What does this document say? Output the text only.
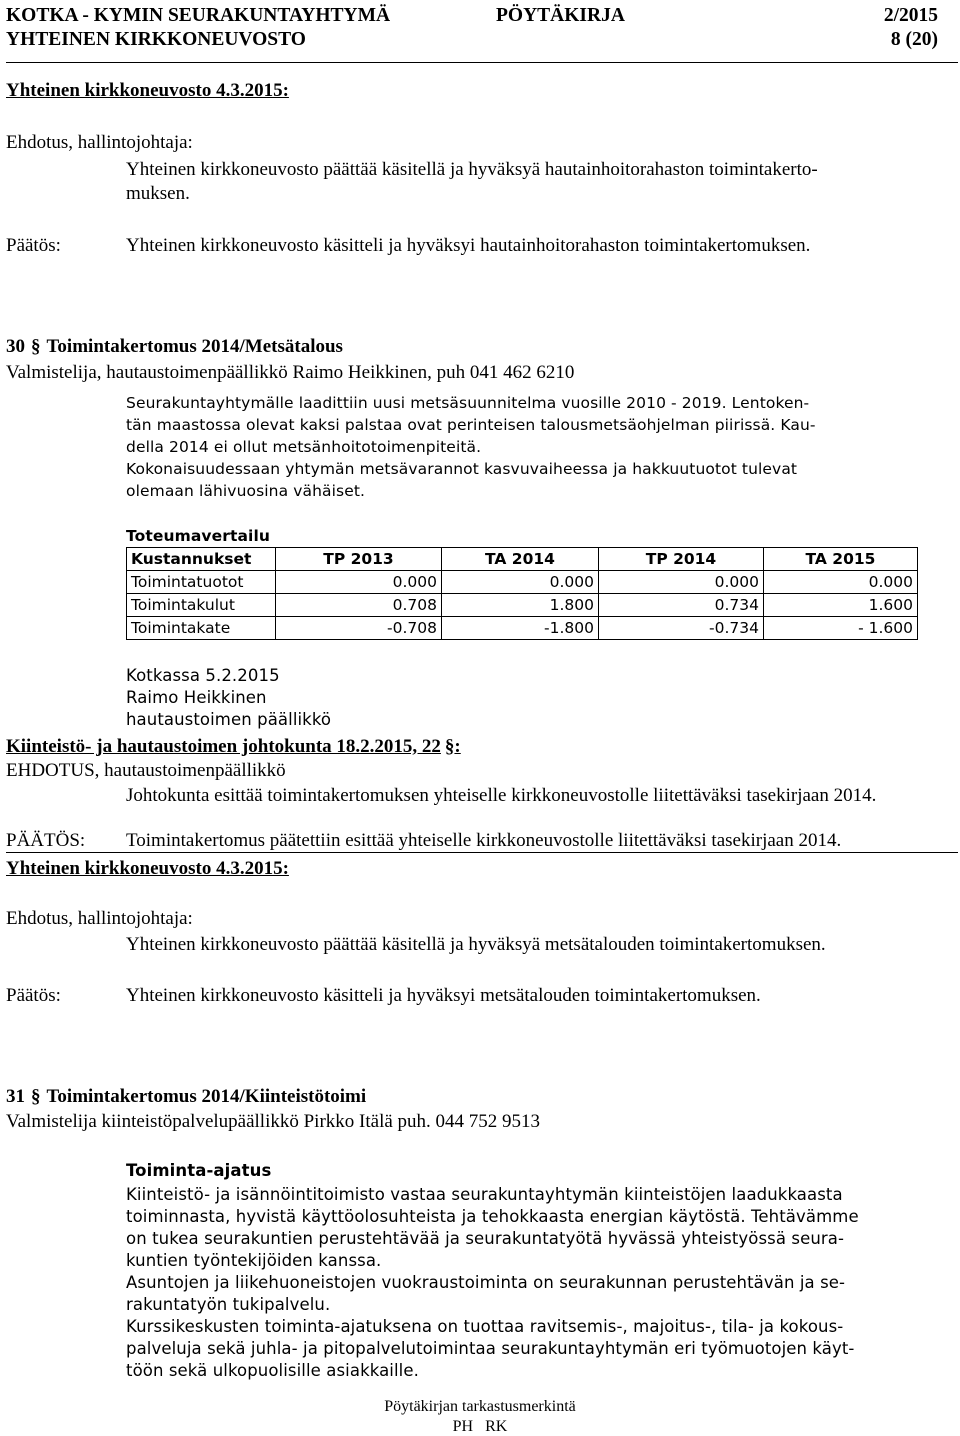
KOTKA - KYMIN SEURAKUNTAYHTYMÄ	PÖYTÄKIRJA	2/2015
YHTEINEN KIRKKONEUVOSTO	8 (20)
Yhteinen kirkkoneuvosto 4.3.2015:
Ehdotus, hallintojohtaja:
Yhteinen kirkkoneuvosto päättää käsitellä ja hyväksyä hautainhoitorahaston toimintakerto-
muksen.
Päätös:	Yhteinen kirkkoneuvosto käsitteli ja hyväksyi hautainhoitorahaston toimintakertomuksen.
30 § Toimintakertomus 2014/Metsätalous
Valmistelija, hautaustoimenpäällikkö Raimo Heikkinen, puh 041 462 6210
Seurakuntayhtymälle laadittiin uusi metsäsuunnitelma vuosille 2010 - 2019. Lentoken-
tän maastossa olevat kaksi palstaa ovat perinteisen talousmetsäohjelman piirissä. Kau-
della 2014 ei ollut metsänhoitotoimenpiteitä.
Kokonaisuudessaan yhtymän metsävarannot kasvuvaiheessa ja hakkuutuotot tulevat
olemaan lähivuosina vähäiset.
Toteumavertailu
Kustannukset	TP 2013	TA 2014	TP 2014	TA 2015
Toimintatuotot	0.000	0.000	0.000	0.000
Toimintakulut	0.708	1.800	0.734	1.600
Toimintakate	-0.708	-1.800	-0.734	- 1.600
Kotkassa 5.2.2015
Raimo Heikkinen
hautaustoimen päällikkö
Kiinteistö- ja hautaustoimen johtokunta 18.2.2015, 22 §:
EHDOTUS, hautaustoimenpäällikkö
Johtokunta esittää toimintakertomuksen yhteiselle kirkkoneuvostolle liitettäväksi tasekirjaan 2014.
PÄÄTÖS: Toimintakertomus päätettiin esittää yhteiselle kirkkoneuvostolle liitettäväksi tasekirjaan 2014.
Yhteinen kirkkoneuvosto 4.3.2015:
Ehdotus, hallintojohtaja:
Yhteinen kirkkoneuvosto päättää käsitellä ja hyväksyä metsätalouden toimintakertomuksen.
Päätös:	Yhteinen kirkkoneuvosto käsitteli ja hyväksyi metsätalouden toimintakertomuksen.
31 § Toimintakertomus 2014/Kiinteistötoimi
Valmistelija kiinteistöpalvelupäällikkö Pirkko Itälä puh. 044 752 9513
Toiminta-ajatus
Kiinteistö- ja isännöintitoimisto vastaa seurakuntayhtymän kiinteistöjen laadukkaasta
toiminnasta, hyvistä käyttöolosuhteista ja tehokkaasta energian käytöstä. Tehtävämme
on tukea seurakuntien perustehtävää ja seurakuntatyötä hyvässä yhteistyössä seura-
kuntien työntekijöiden kanssa.
Asuntojen ja liikehuoneistojen vuokraustoiminta on seurakunnan perustehtävän ja se-
rakuntatyön tukipalvelu.
Kurssikeskusten toiminta-ajatuksena on tuottaa ravitsemis-, majoitus-, tila- ja kokous-
palveluja sekä juhla- ja pitopalvelutoimintaa seurakuntayhtymän eri työmuotojen käyt-
töön sekä ulkopuolisille asiakkaille.
Pöytäkirjan tarkastusmerkintä
PH   RK
